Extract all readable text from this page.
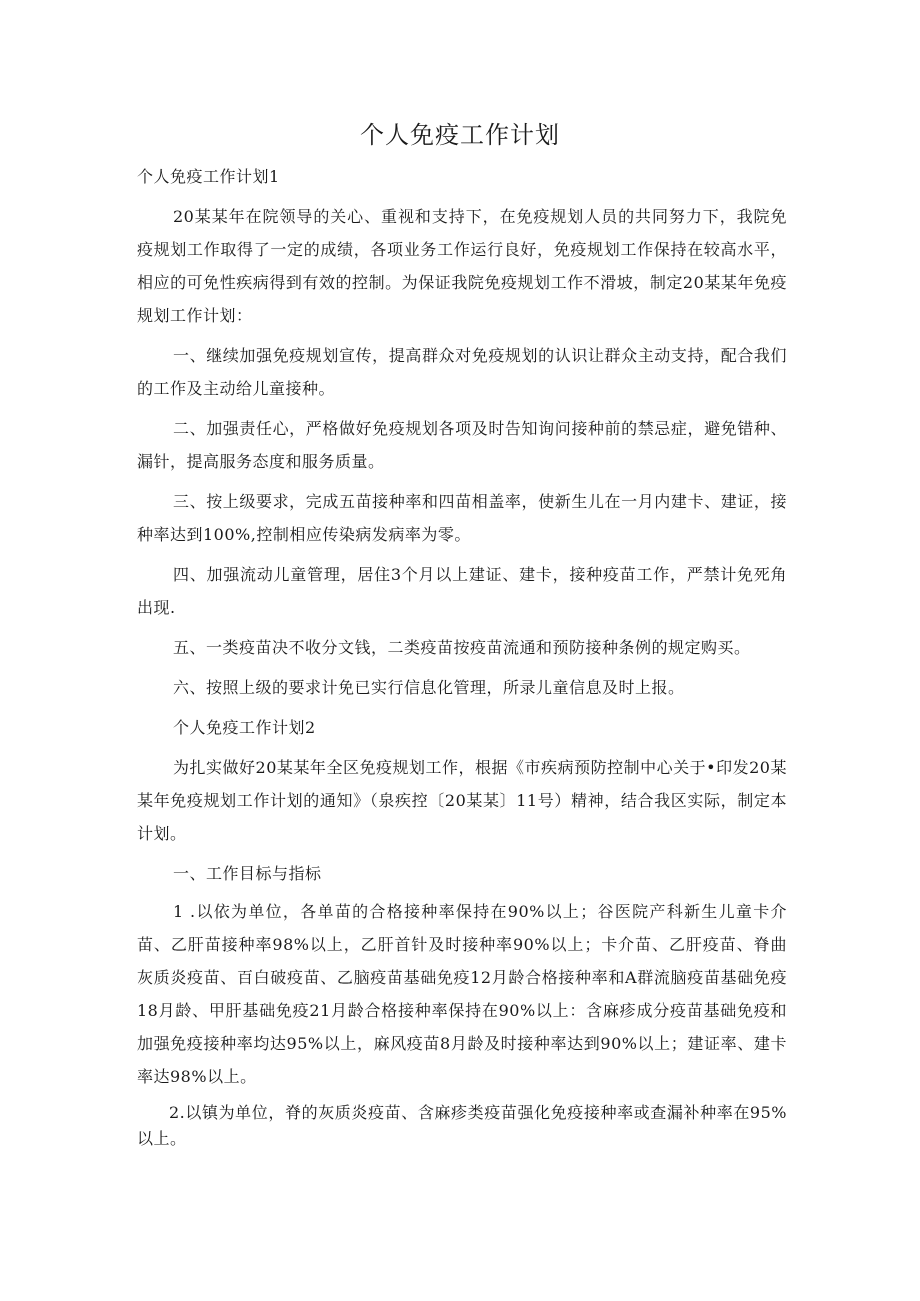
个人免疫工作计划

个人免疫工作计划1

20某某年在院领导的关心、重视和支持下，在免疫规划人员的共同努力下，我院免疫规划工作取得了一定的成绩，各项业务工作运行良好，免疫规划工作保持在较高水平，相应的可免性疾病得到有效的控制。为保证我院免疫规划工作不滑坡，制定20某某年免疫规划工作计划：

一、继续加强免疫规划宣传，提高群众对免疫规划的认识让群众主动支持，配合我们的工作及主动给儿童接种。

二、加强责任心，严格做好免疫规划各项及时告知询问接种前的禁忌症，避免错种、漏针，提高服务态度和服务质量。

三、按上级要求，完成五苗接种率和四苗相盖率，使新生儿在一月内建卡、建证，接种率达到100%,控制相应传染病发病率为零。

四、加强流动儿童管理，居住3个月以上建证、建卡，接种疫苗工作，严禁计免死角出现.

五、一类疫苗决不收分文钱，二类疫苗按疫苗流通和预防接种条例的规定购买。

六、按照上级的要求计免已实行信息化管理，所录儿童信息及时上报。

个人免疫工作计划2

为扎实做好20某某年全区免疫规划工作，根据《市疾病预防控制中心关于•印发20某某年免疫规划工作计划的通知》（泉疾控〔20某某〕11号）精神，结合我区实际，制定本计划。

一、工作目标与指标

1 .以依为单位，各单苗的合格接种率保持在90%以上；谷医院产科新生儿童卡介苗、乙肝苗接种率98%以上，乙肝首针及时接种率90%以上；卡介苗、乙肝疫苗、脊曲灰质炎疫苗、百白破疫苗、乙脑疫苗基础免疫12月龄合格接种率和A群流脑疫苗基础免疫18月龄、甲肝基础免疫21月龄合格接种率保持在90%以上：含麻疹成分疫苗基础免疫和加强免疫接种率均达95%以上，麻风疫苗8月龄及时接种率达到90%以上；建证率、建卡率达98%以上。

2.以镇为单位，脊的灰质炎疫苗、含麻疹类疫苗强化免疫接种率或查漏补种率在95%以上。
